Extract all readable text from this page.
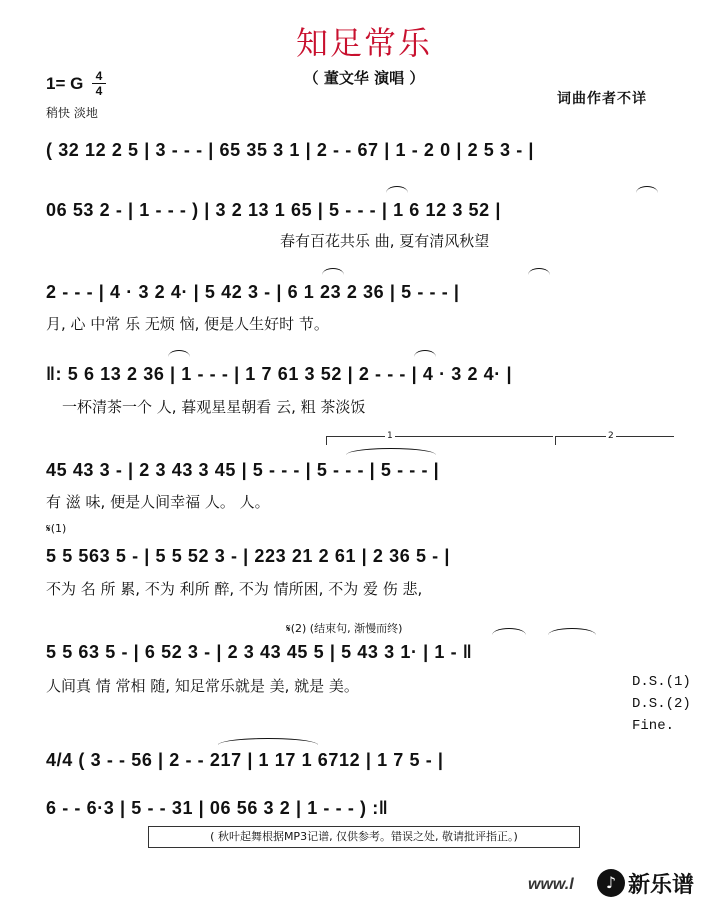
知足常乐
（ 董文华 演唱 ）
1= G	4
4
稍快 淡地
词曲作者不详
( 32 12 2 5 | 3 - - - | 65 35 3 1 | 2 - - 67 | 1 - 2 0 | 2 5 3 - |
06 53 2 - | 1 - - - ) | 3 2 13 1 65 | 5 - - - | 1 6 12 3 52 |
春有百花共乐 曲, 夏有清风秋望
2 - - - | 4 · 3 2 4· | 5 42 3 - | 6 1 23 2 36 | 5 - - - |
月, 心 中常 乐 无烦 恼, 便是人生好时 节。
‖: 5 6 13 2 36 | 1 - - - | 1 7 61 3 52 | 2 - - - | 4 · 3 2 4· |
一杯清茶一个 人, 暮观星星朝看 云, 粗 茶淡饭
1	2
45 43 3 - | 2 3 43 3 45 | 5 - - - | 5 - - - | 5 - - - |
有 滋 味, 便是人间幸福 人。 人。
𝄋(1)
5 5 563 5 - | 5 5 52 3 - | 223 21 2 61 | 2 36 5 - |
不为 名 所 累, 不为 利所 醉, 不为 情所困, 不为 爱 伤 悲,
𝄋(2) (结束句, 渐慢而终)
5 5 63 5 - | 6 52 3 - | 2 3 43 45 5 | 5 43 3 1· | 1 - ‖
人间真 情 常相 随, 知足常乐就是 美, 就是 美。	D.S.(1)
D.S.(2)
Fine.
4/4 ( 3 - - 56 | 2 - - 217 | 1 17 1 6712 | 1 7 5 - |
6 - - 6·3 | 5 - - 31 | 06 56 3 2 | 1 - - - ) :‖
( 秋叶起舞根据MP3记谱, 仅供参考。错误之处, 敬请批评指正。)
www.l	♪ 新乐谱
